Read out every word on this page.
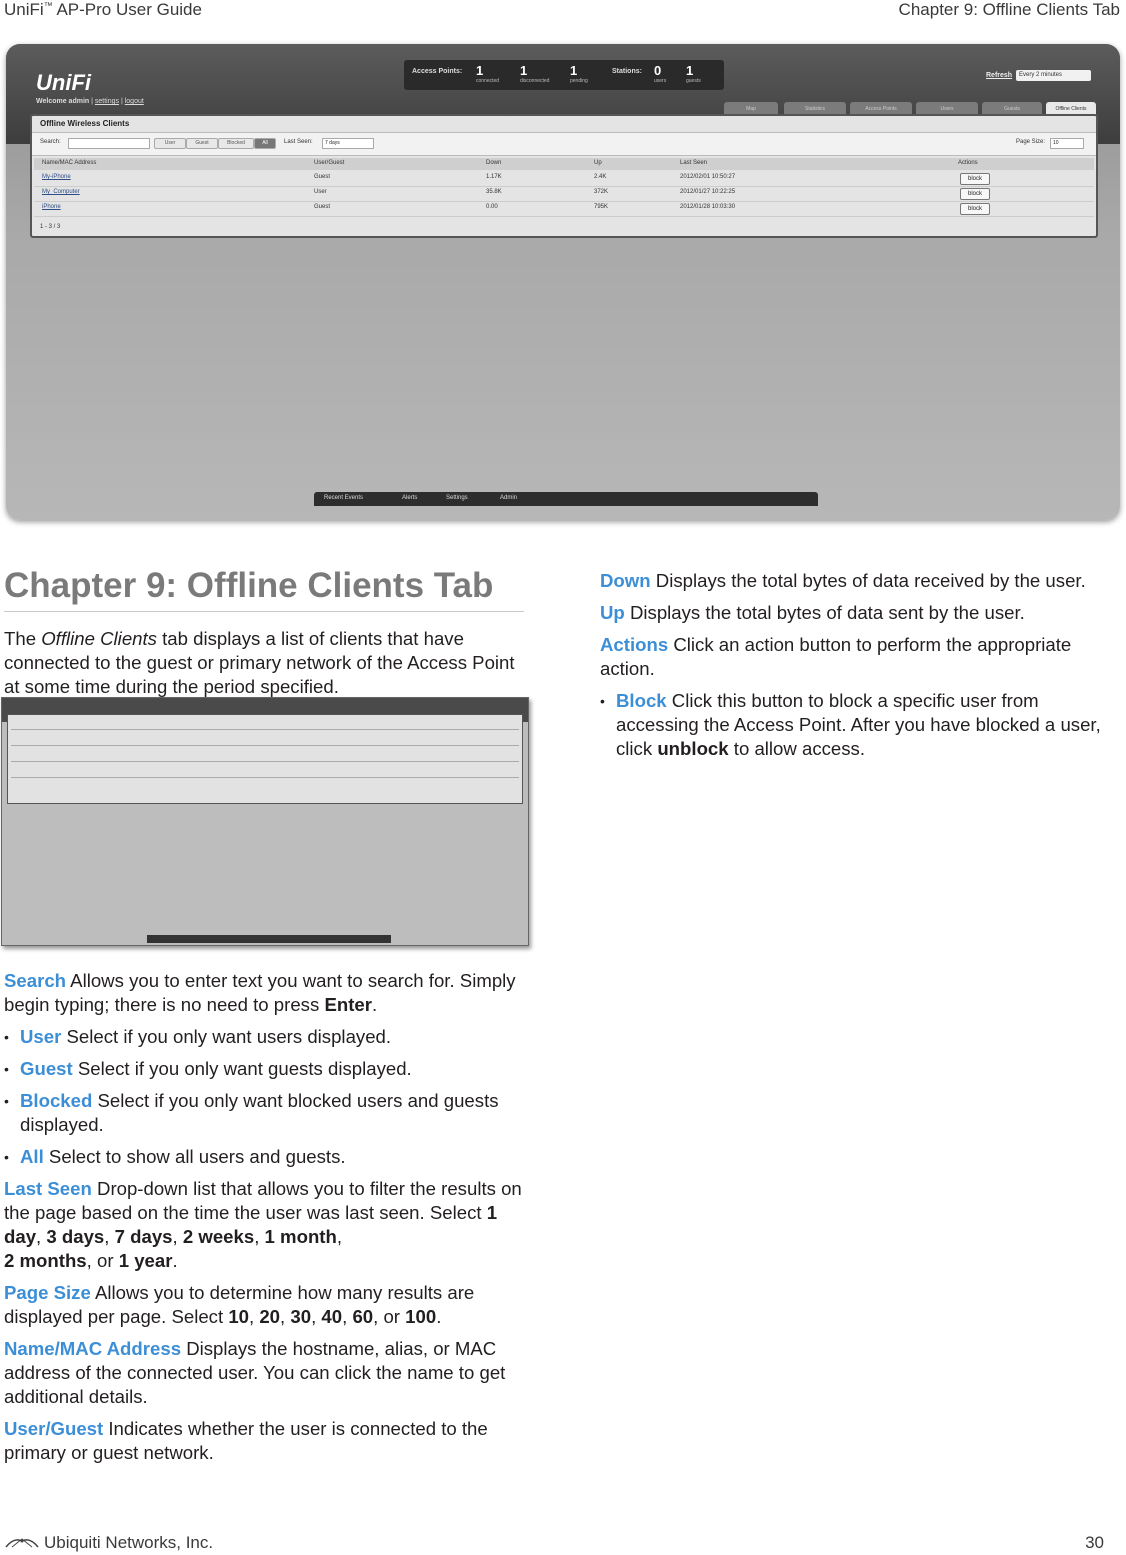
UniFi™ AP-Pro User Guide	Chapter 9: Offline Clients Tab
UniFi
Welcome admin | settings | logout
Access Points: 1
connected
1
disconnected
1
pending
Stations: 0
users
1
guests
Refresh	Every 2 minutes
Map	Statistics	Access Points	Users	Guests	Offline Clients
Offline Wireless Clients
Search:	User	Guest	Blocked	All	Last Seen:	7 days	Page Size:	10
Name/MAC Address	User/Guest	Down	Up	Last Seen	Actions
My-iPhone	Guest	1.17K	2.4K	2012/02/01 10:50:27	block
My_Computer	User	35.8K	372K	2012/01/27 10:22:25	block
iPhone	Guest	0.00	795K	2012/01/28 10:03:30	block
1 - 3 / 3
Recent Events	Alerts	Settings	Admin
Chapter 9: Offline Clients Tab

The Offline Clients tab displays a list of clients that have connected to the guest or primary network of the Access Point at some time during the period specified.

Search Allows you to enter text you want to search for. Simply begin typing; there is no need to press Enter.

• User Select if you only want users displayed.

• Guest Select if you only want guests displayed.

• Blocked Select if you only want blocked users and guests displayed.

• All Select to show all users and guests.

Last Seen Drop-down list that allows you to filter the results on the page based on the time the user was last seen. Select 1 day, 3 days, 7 days, 2 weeks, 1 month,
2 months, or 1 year.

Page Size Allows you to determine how many results are displayed per page. Select 10, 20, 30, 40, 60, or 100.

Name/MAC Address Displays the hostname, alias, or MAC address of the connected user. You can click the name to get additional details.

User/Guest Indicates whether the user is connected to the primary or guest network.

Down Displays the total bytes of data received by the user.

Up Displays the total bytes of data sent by the user.

Actions Click an action button to perform the appropriate action.

• Block Click this button to block a specific user from accessing the Access Point. After you have blocked a user, click unblock to allow access.

Ubiquiti Networks, Inc.	30
